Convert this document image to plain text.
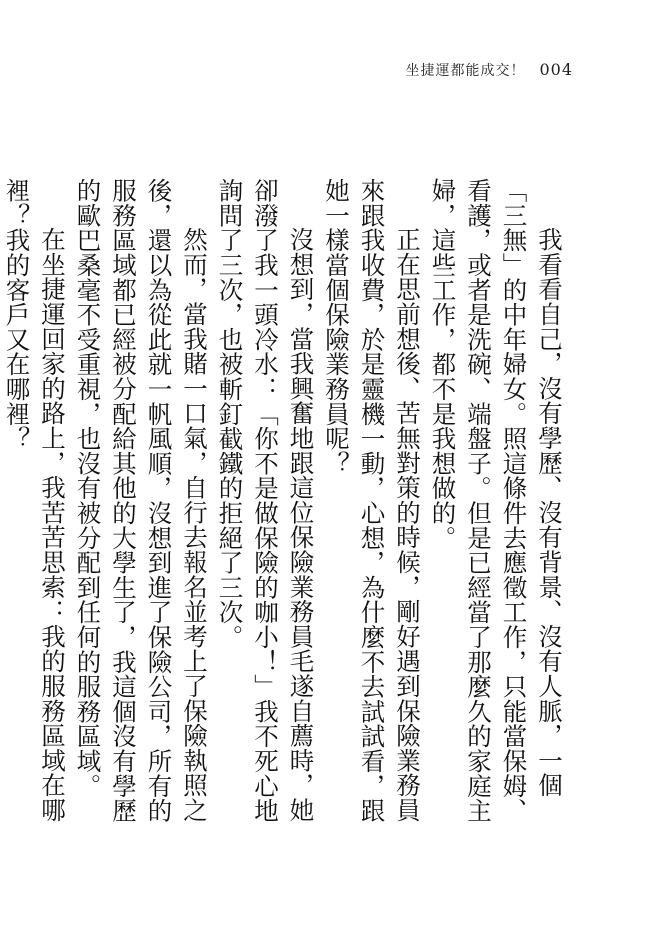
坐捷運都能成交！ 004

我看看自己，沒有學歷、沒有背景、沒有人脈，一個「三無」的中年婦女。照這條件去應徵工作，只能當保姆、看護，或者是洗碗、端盤子。但是已經當了那麼久的家庭主婦，這些工作，都不是我想做的。

正在思前想後、苦無對策的時候，剛好遇到保險業務員來跟我收費，於是靈機一動，心想，為什麼不去試試看，跟她一樣當個保險業務員呢？

沒想到，當我興奮地跟這位保險業務員毛遂自薦時，她卻潑了我一頭冷水：「你不是做保險的咖小！」我不死心地詢問了三次，也被斬釘截鐵的拒絕了三次。

然而，當我賭一口氣，自行去報名並考上了保險執照之後，還以為從此就一帆風順，沒想到進了保險公司，所有的服務區域都已經被分配給其他的大學生了，我這個沒有學歷的歐巴桑毫不受重視，也沒有被分配到任何的服務區域。

在坐捷運回家的路上，我苦苦思索：我的服務區域在哪裡？我的客戶又在哪裡？
